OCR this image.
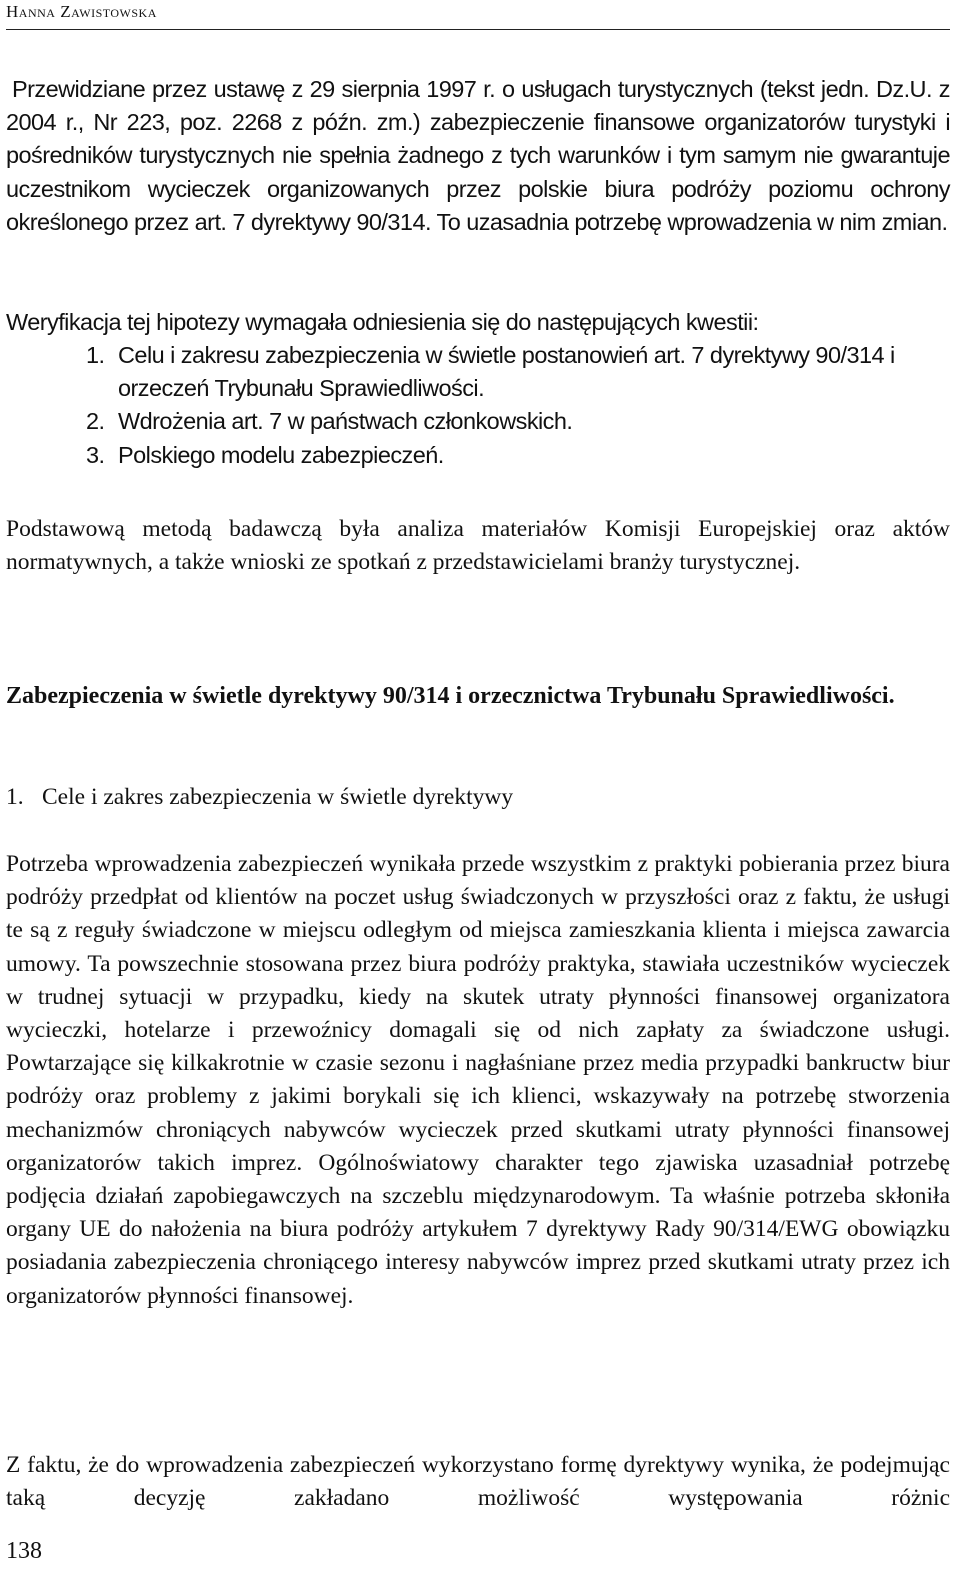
Hanna Zawistowska

Przewidziane przez ustawę z 29 sierpnia 1997 r. o usługach turystycznych (tekst jedn. Dz.U. z 2004 r., Nr 223, poz. 2268 z późn. zm.) zabezpieczenie finansowe organizatorów turystyki i pośredników turystycznych nie spełnia żadnego z tych warunków i tym samym nie gwarantuje uczestnikom wycieczek organizowanych przez polskie biura podróży poziomu ochrony określonego przez art. 7 dyrektywy 90/314. To uzasadnia potrzebę wprowadzenia w nim zmian.

Weryfikacja tej hipotezy wymagała odniesienia się do następujących kwestii:

1. Celu i zakresu zabezpieczenia w świetle postanowień art. 7 dyrektywy 90/314 i orzeczeń Trybunału Sprawiedliwości.
2. Wdrożenia art. 7 w państwach członkowskich.
3. Polskiego modelu zabezpieczeń.

Podstawową metodą badawczą była analiza materiałów Komisji Europejskiej oraz aktów normatywnych, a także wnioski ze spotkań z przedstawicielami branży turystycznej.

Zabezpieczenia w świetle dyrektywy 90/314 i orzecznictwa Trybunału Sprawiedliwości.

1. Cele i zakres zabezpieczenia w świetle dyrektywy

Potrzeba wprowadzenia zabezpieczeń wynikała przede wszystkim z praktyki pobierania przez biura podróży przedpłat od klientów na poczet usług świadczonych w przyszłości oraz z faktu, że usługi te są z reguły świadczone w miejscu odległym od miejsca zamieszkania klienta i miejsca zawarcia umowy. Ta powszechnie stosowana przez biura podróży praktyka, stawiała uczestników wycieczek w trudnej sytuacji w przypadku, kiedy na skutek utraty płynności finansowej organizatora wycieczki, hotelarze i przewoźnicy domagali się od nich zapłaty za świadczone usługi. Powtarzające się kilkakrotnie w czasie sezonu i nagłaśniane przez media przypadki bankructw biur podróży oraz problemy z jakimi borykali się ich klienci, wskazywały na potrzebę stworzenia mechanizmów chroniących nabywców wycieczek przed skutkami utraty płynności finansowej organizatorów takich imprez. Ogólnoświatowy charakter tego zjawiska uzasadniał potrzebę podjęcia działań zapobiegawczych na szczeblu międzynarodowym. Ta właśnie potrzeba skłoniła organy UE do nałożenia na biura podróży artykułem 7 dyrektywy Rady 90/314/EWG obowiązku posiadania zabezpieczenia chroniącego interesy nabywców imprez przed skutkami utraty przez ich organizatorów płynności finansowej.

Z faktu, że do wprowadzenia zabezpieczeń wykorzystano formę dyrektywy wynika, że podejmując taką decyzję zakładano możliwość występowania różnic

138
